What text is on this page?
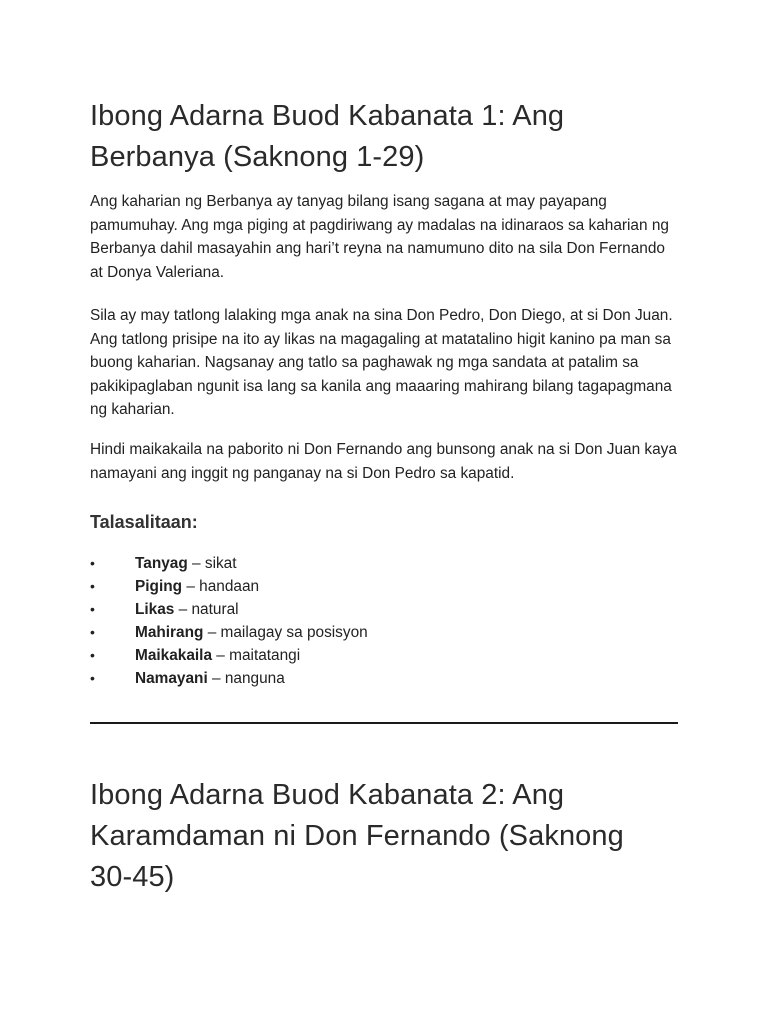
Ibong Adarna Buod Kabanata 1: Ang Berbanya (Saknong 1-29)

Ang kaharian ng Berbanya ay tanyag bilang isang sagana at may payapang pamumuhay. Ang mga piging at pagdiriwang ay madalas na idinaraos sa kaharian ng Berbanya dahil masayahin ang hari’t reyna na namumuno dito na sila Don Fernando at Donya Valeriana.

Sila ay may tatlong lalaking mga anak na sina Don Pedro, Don Diego, at si Don Juan. Ang tatlong prisipe na ito ay likas na magagaling at matatalino higit kanino pa man sa buong kaharian. Nagsanay ang tatlo sa paghawak ng mga sandata at patalim sa pakikipaglaban ngunit isa lang sa kanila ang maaaring mahirang bilang tagapagmana ng kaharian.

Hindi maikakaila na paborito ni Don Fernando ang bunsong anak na si Don Juan kaya namayani ang inggit ng panganay na si Don Pedro sa kapatid.

Talasalitaan:
•	Tanyag – sikat
•	Piging – handaan
•	Likas – natural
•	Mahirang – mailagay sa posisyon
•	Maikakaila – maitatangi
•	Namayani – nanguna
Ibong Adarna Buod Kabanata 2: Ang Karamdaman ni Don Fernando (Saknong 30-45)
